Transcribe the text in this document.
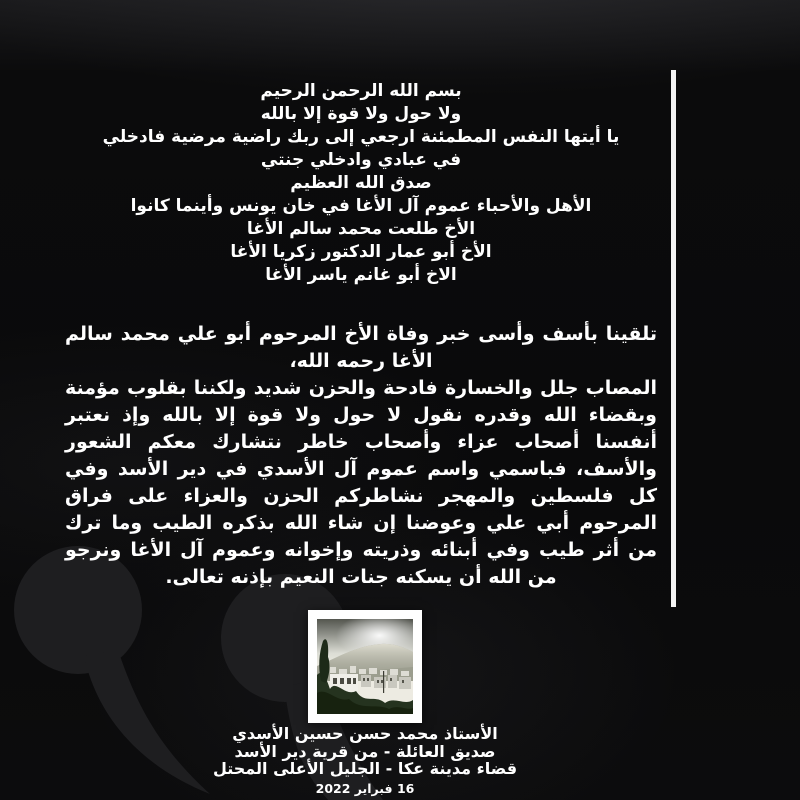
بسم الله الرحمن الرحيم
ولا حول ولا قوة إلا بالله
يا أيتها النفس المطمئنة ارجعي إلى ربك راضية مرضية فادخلي
في عبادي وادخلي جنتي
صدق الله العظيم
الأهل والأحباء عموم آل الأغا في خان يونس وأينما كانوا
الأخ طلعت محمد سالم الأغا
الأخ أبو عمار الدكتور زكريا الأغا
الاخ أبو غانم ياسر الأغا

تلقينا بأسف وأسى خبر وفاة الأخ المرحوم أبو علي محمد سالم الأغا رحمه الله،

المصاب جلل والخسارة فادحة والحزن شديد ولكننا بقلوب مؤمنة وبقضاء الله وقدره نقول لا حول ولا قوة إلا بالله وإذ نعتبر أنفسنا أصحاب عزاء وأصحاب خاطر نتشارك معكم الشعور والأسف، فباسمي واسم عموم آل الأسدي في دير الأسد وفي كل فلسطين والمهجر نشاطركم الحزن والعزاء على فراق المرحوم أبي علي وعوضنا إن شاء الله بذكره الطيب وما ترك من أثر طيب وفي أبنائه وذريته وإخوانه وعموم آل الأغا ونرجو من الله أن يسكنه جنات النعيم بإذنه تعالى.

الأستاذ محمد حسن حسين الأسدي
صديق العائلة - من قرية دير الأسد
قضاء مدينة عكا - الجليل الأعلى المحتل
16 فبراير 2022
